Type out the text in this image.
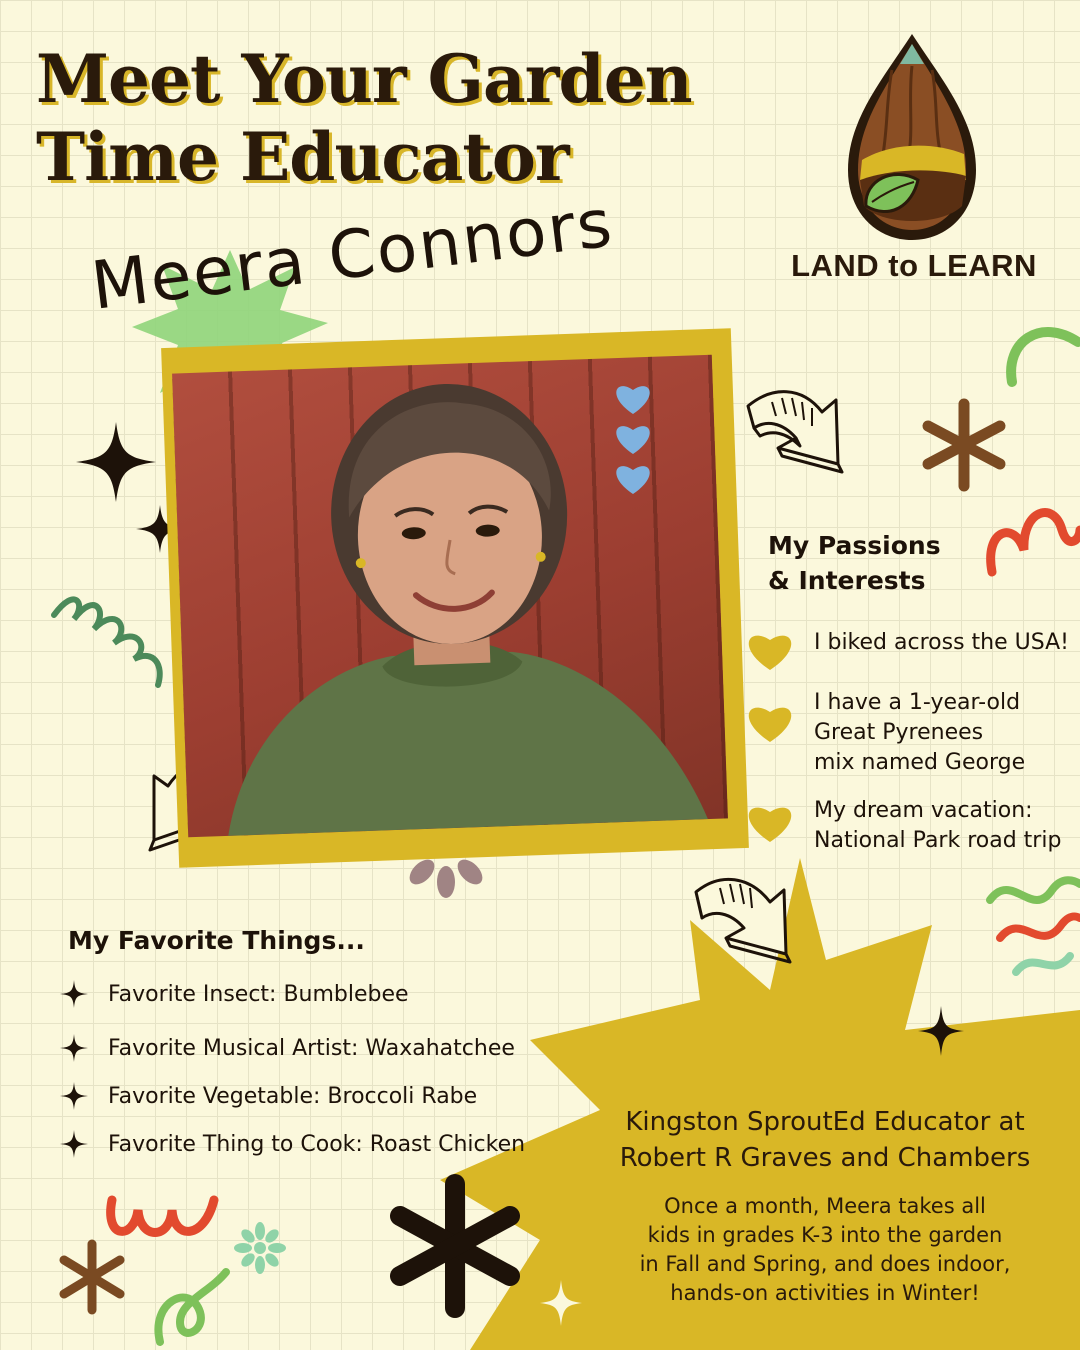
Meet Your Garden
Time Educator
LAND to LEARN
Meera Connors
My Passions
& Interests
I biked across the USA!
I have a 1-year-old
Great Pyrenees
mix named George
My dream vacation:
National Park road trip
My Favorite Things...
Favorite Insect: Bumblebee
Favorite Musical Artist: Waxahatchee
Favorite Vegetable: Broccoli Rabe
Favorite Thing to Cook: Roast Chicken
Kingston SproutEd Educator at
Robert R Graves and Chambers
Once a month, Meera takes all
kids in grades K-3 into the garden
in Fall and Spring, and does indoor,
hands-on activities in Winter!
